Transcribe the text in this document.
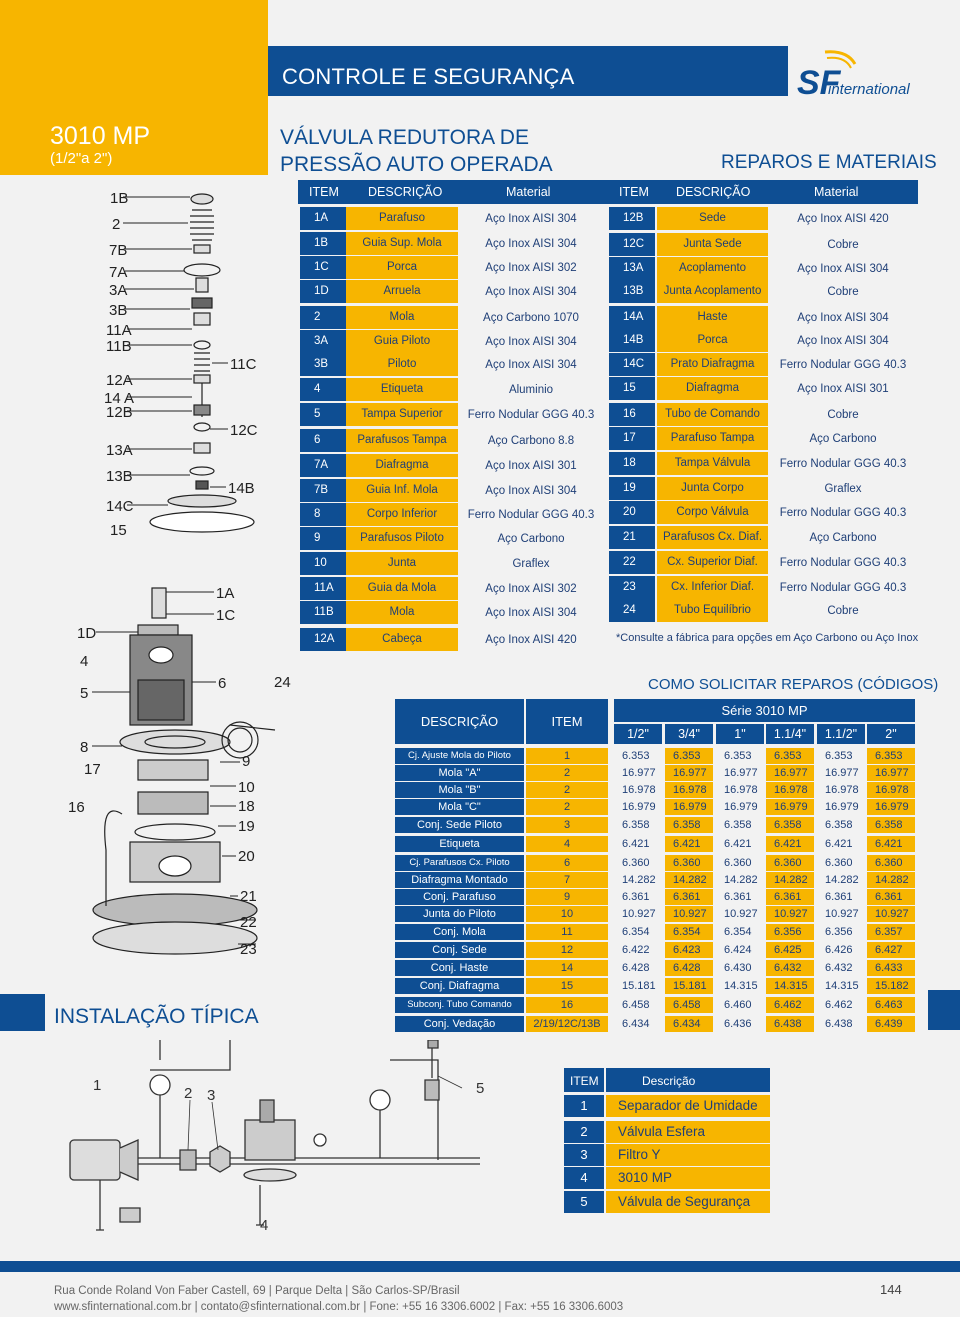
3010 MP
(1/2"a 2")
CONTROLE E SEGURANÇA	SF
international
VÁLVULA REDUTORA DE
PRESSÃO AUTO OPERADA	REPAROS E MATERIAIS
ITEM DESCRIÇÃO	Material	ITEM DESCRIÇÃO	Material
1A	Parafuso	Aço Inox AISI 304
1B	Guia Sup. Mola	Aço Inox AISI 304
1C	Porca	Aço Inox AISI 302
1D	Arruela	Aço Inox AISI 304
2	Mola	Aço Carbono 1070
3A	Guia Piloto	Aço Inox AISI 304
3B	Piloto	Aço Inox AISI 304
4	Etiqueta	Aluminio
5	Tampa Superior	Ferro Nodular GGG 40.3
6	Parafusos Tampa	Aço Carbono 8.8
7A	Diafragma	Aço Inox AISI 301
7B	Guia Inf. Mola	Aço Inox AISI 304
8	Corpo Inferior	Ferro Nodular GGG 40.3
9	Parafusos Piloto	Aço Carbono
10	Junta	Graflex
11A	Guia da Mola	Aço Inox AISI 302
11B	Mola	Aço Inox AISI 304
12A	Cabeça	Aço Inox AISI 420
12B	Sede	Aço Inox AISI 420
12C	Junta Sede	Cobre
13A	Acoplamento	Aço Inox AISI 304
13B	Junta Acoplamento	Cobre
14A	Haste	Aço Inox AISI 304
14B	Porca	Aço Inox AISI 304
14C	Prato Diafragma	Ferro Nodular GGG 40.3
15	Diafragma	Aço Inox AISI 301
16	Tubo de Comando	Cobre
17	Parafuso Tampa	Aço Carbono
18	Tampa Válvula	Ferro Nodular GGG 40.3
19	Junta Corpo	Graflex
20	Corpo Válvula	Ferro Nodular GGG 40.3
21	Parafusos Cx. Diaf.	Aço Carbono
22	Cx. Superior Diaf.	Ferro Nodular GGG 40.3
23	Cx. Inferior Diaf.	Ferro Nodular GGG 40.3
24	Tubo Equilíbrio	Cobre
*Consulte a fábrica para opções em Aço Carbono ou Aço Inox
1B
2
7B
7A
3A
3B
11A
11B
11C
12A
14 A
12B
12C
13A
13B
14B
14C
15
1A
1C
1D
4
5
6	24
8
9
17
10
16	18
19
20
21
22
23
COMO SOLICITAR REPAROS (CÓDIGOS)
DESCRIÇÃO	ITEM
Série 3010 MP
1/2"	3/4"	1"	1.1/4"	1.1/2"	2"
Cj. Ajuste Mola do Piloto	1	6.353	6.353	6.353	6.353	6.353	6.353
Mola "A"	2	16.977	16.977	16.977	16.977	16.977	16.977
Mola "B"	2	16.978	16.978	16.978	16.978	16.978	16.978
Mola "C"	2	16.979	16.979	16.979	16.979	16.979	16.979
Conj. Sede Piloto	3	6.358	6.358	6.358	6.358	6.358	6.358
Etiqueta	4	6.421	6.421	6.421	6.421	6.421	6.421
Cj. Parafusos Cx. Piloto	6	6.360	6.360	6.360	6.360	6.360	6.360
Diafragma Montado	7	14.282	14.282	14.282	14.282	14.282	14.282
Conj. Parafuso	9	6.361	6.361	6.361	6.361	6.361	6.361
Junta do Piloto	10	10.927	10.927	10.927	10.927	10.927	10.927
Conj. Mola	11	6.354	6.354	6.354	6.356	6.356	6.357
Conj. Sede	12	6.422	6.423	6.424	6.425	6.426	6.427
Conj. Haste	14	6.428	6.428	6.430	6.432	6.432	6.433
Conj. Diafragma	15	15.181	15.181	14.315	14.315	14.315	15.182
Subconj. Tubo Comando	16	6.458	6.458	6.460	6.462	6.462	6.463
Conj. Vedação	2/19/12C/13B	6.434	6.434	6.436	6.438	6.438	6.439
INSTALAÇÃO TÍPICA
1	2 3
4
5	ITEM	Descrição
1	Separador de Umidade
2	Válvula Esfera
3	Filtro Y
4	3010 MP
5	Válvula de Segurança
Rua Conde Roland Von Faber Castell, 69 | Parque Delta | São Carlos-SP/Brasil
www.sfinternational.com.br | contato@sfinternational.com.br | Fone: +55 16 3306.6002 | Fax: +55 16 3306.6003
144
